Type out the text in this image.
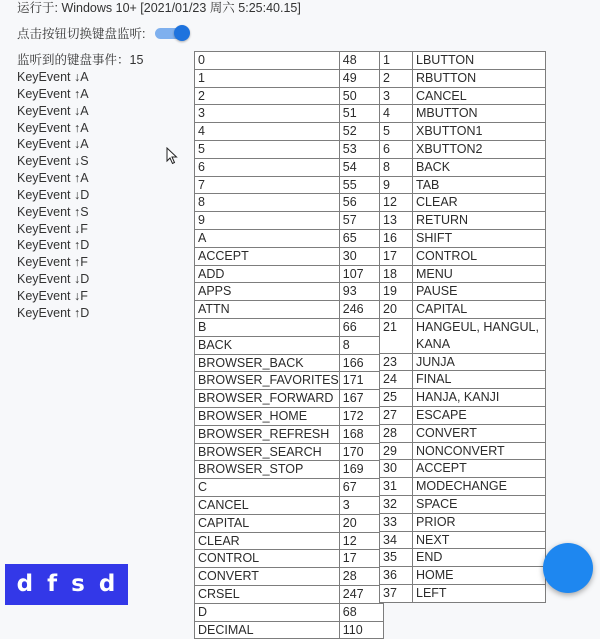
运行于: Windows 10+ [2021/01/23 周六 5:25:40.15]
点击按钮切换键盘监听:
监听到的键盘事件：15
KeyEvent ↓A
KeyEvent ↑A
KeyEvent ↓A
KeyEvent ↑A
KeyEvent ↓A
KeyEvent ↓S
KeyEvent ↑A
KeyEvent ↓D
KeyEvent ↑S
KeyEvent ↓F
KeyEvent ↑D
KeyEvent ↑F
KeyEvent ↓D
KeyEvent ↓F
KeyEvent ↑D
0	48
1	49
2	50
3	51
4	52
5	53
6	54
7	55
8	56
9	57
A	65
ACCEPT	30
ADD	107
APPS	93
ATTN	246
B	66
BACK	8
BROWSER_BACK	166
BROWSER_FAVORITES	171
BROWSER_FORWARD	167
BROWSER_HOME	172
BROWSER_REFRESH	168
BROWSER_SEARCH	170
BROWSER_STOP	169
C	67
CANCEL	3
CAPITAL	20
CLEAR	12
CONTROL	17
CONVERT	28
CRSEL	247
D	68
DECIMAL	110
1	LBUTTON
2	RBUTTON
3	CANCEL
4	MBUTTON
5	XBUTTON1
6	XBUTTON2
8	BACK
9	TAB
12	CLEAR
13	RETURN
16	SHIFT
17	CONTROL
18	MENU
19	PAUSE
20	CAPITAL
21	HANGEUL, HANGUL, KANA
23	JUNJA
24	FINAL
25	HANJA, KANJI
27	ESCAPE
28	CONVERT
29	NONCONVERT
30	ACCEPT
31	MODECHANGE
32	SPACE
33	PRIOR
34	NEXT
35	END
36	HOME
37	LEFT
d f s d
